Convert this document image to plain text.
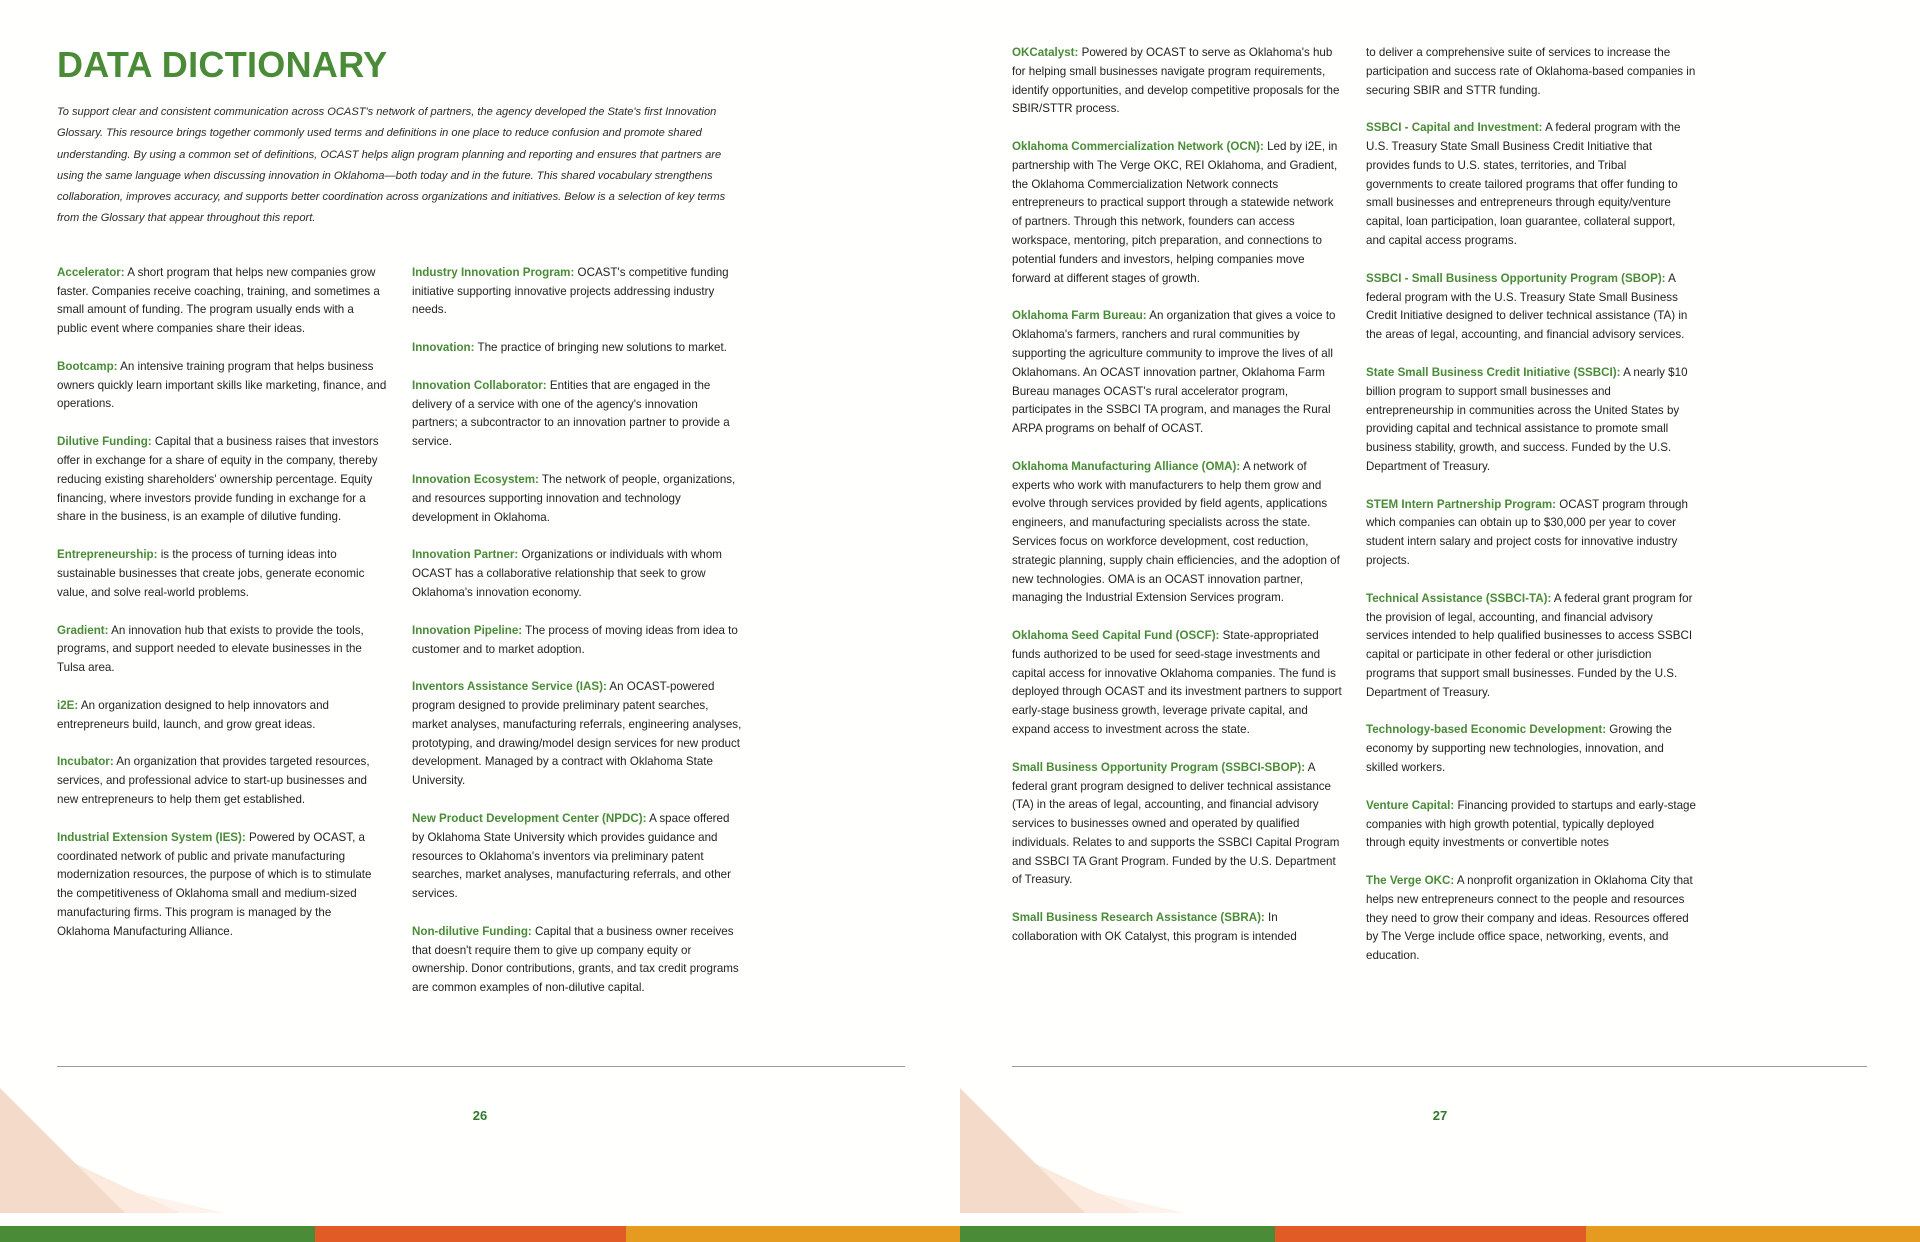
DATA DICTIONARY

To support clear and consistent communication across OCAST's network of partners, the agency developed the State's first Innovation Glossary. This resource brings together commonly used terms and definitions in one place to reduce confusion and promote shared understanding. By using a common set of definitions, OCAST helps align program planning and reporting and ensures that partners are using the same language when discussing innovation in Oklahoma—both today and in the future. This shared vocabulary strengthens collaboration, improves accuracy, and supports better coordination across organizations and initiatives. Below is a selection of key terms from the Glossary that appear throughout this report.

Accelerator: A short program that helps new companies grow faster. Companies receive coaching, training, and sometimes a small amount of funding. The program usually ends with a public event where companies share their ideas.

Bootcamp: An intensive training program that helps business owners quickly learn important skills like marketing, finance, and operations.

Dilutive Funding: Capital that a business raises that investors offer in exchange for a share of equity in the company, thereby reducing existing shareholders' ownership percentage. Equity financing, where investors provide funding in exchange for a share in the business, is an example of dilutive funding.

Entrepreneurship: is the process of turning ideas into sustainable businesses that create jobs, generate economic value, and solve real-world problems.

Gradient: An innovation hub that exists to provide the tools, programs, and support needed to elevate businesses in the Tulsa area.

i2E: An organization designed to help innovators and entrepreneurs build, launch, and grow great ideas.

Incubator: An organization that provides targeted resources, services, and professional advice to start-up businesses and new entrepreneurs to help them get established.

Industrial Extension System (IES): Powered by OCAST, a coordinated network of public and private manufacturing modernization resources, the purpose of which is to stimulate the competitiveness of Oklahoma small and medium-sized manufacturing firms. This program is managed by the Oklahoma Manufacturing Alliance.

Industry Innovation Program: OCAST's competitive funding initiative supporting innovative projects addressing industry needs.

Innovation: The practice of bringing new solutions to market.

Innovation Collaborator: Entities that are engaged in the delivery of a service with one of the agency's innovation partners; a subcontractor to an innovation partner to provide a service.

Innovation Ecosystem: The network of people, organizations, and resources supporting innovation and technology development in Oklahoma.

Innovation Partner: Organizations or individuals with whom OCAST has a collaborative relationship that seek to grow Oklahoma's innovation economy.

Innovation Pipeline: The process of moving ideas from idea to customer and to market adoption.

Inventors Assistance Service (IAS): An OCAST-powered program designed to provide preliminary patent searches, market analyses, manufacturing referrals, engineering analyses, prototyping, and drawing/model design services for new product development. Managed by a contract with Oklahoma State University.

New Product Development Center (NPDC): A space offered by Oklahoma State University which provides guidance and resources to Oklahoma's inventors via preliminary patent searches, market analyses, manufacturing referrals, and other services.

Non-dilutive Funding: Capital that a business owner receives that doesn't require them to give up company equity or ownership. Donor contributions, grants, and tax credit programs are common examples of non-dilutive capital.

26

OKCatalyst: Powered by OCAST to serve as Oklahoma's hub for helping small businesses navigate program requirements, identify opportunities, and develop competitive proposals for the SBIR/STTR process.

Oklahoma Commercialization Network (OCN): Led by i2E, in partnership with The Verge OKC, REI Oklahoma, and Gradient, the Oklahoma Commercialization Network connects entrepreneurs to practical support through a statewide network of partners. Through this network, founders can access workspace, mentoring, pitch preparation, and connections to potential funders and investors, helping companies move forward at different stages of growth.

Oklahoma Farm Bureau: An organization that gives a voice to Oklahoma's farmers, ranchers and rural communities by supporting the agriculture community to improve the lives of all Oklahomans. An OCAST innovation partner, Oklahoma Farm Bureau manages OCAST's rural accelerator program, participates in the SSBCI TA program, and manages the Rural ARPA programs on behalf of OCAST.

Oklahoma Manufacturing Alliance (OMA): A network of experts who work with manufacturers to help them grow and evolve through services provided by field agents, applications engineers, and manufacturing specialists across the state. Services focus on workforce development, cost reduction, strategic planning, supply chain efficiencies, and the adoption of new technologies. OMA is an OCAST innovation partner, managing the Industrial Extension Services program.

Oklahoma Seed Capital Fund (OSCF): State-appropriated funds authorized to be used for seed-stage investments and capital access for innovative Oklahoma companies. The fund is deployed through OCAST and its investment partners to support early-stage business growth, leverage private capital, and expand access to investment across the state.

Small Business Opportunity Program (SSBCI-SBOP): A federal grant program designed to deliver technical assistance (TA) in the areas of legal, accounting, and financial advisory services to businesses owned and operated by qualified individuals. Relates to and supports the SSBCI Capital Program and SSBCI TA Grant Program. Funded by the U.S. Department of Treasury.

Small Business Research Assistance (SBRA): In collaboration with OK Catalyst, this program is intended

to deliver a comprehensive suite of services to increase the participation and success rate of Oklahoma-based companies in securing SBIR and STTR funding.

SSBCI - Capital and Investment: A federal program with the U.S. Treasury State Small Business Credit Initiative that provides funds to U.S. states, territories, and Tribal governments to create tailored programs that offer funding to small businesses and entrepreneurs through equity/venture capital, loan participation, loan guarantee, collateral support, and capital access programs.

SSBCI - Small Business Opportunity Program (SBOP): A federal program with the U.S. Treasury State Small Business Credit Initiative designed to deliver technical assistance (TA) in the areas of legal, accounting, and financial advisory services.

State Small Business Credit Initiative (SSBCI): A nearly $10 billion program to support small businesses and entrepreneurship in communities across the United States by providing capital and technical assistance to promote small business stability, growth, and success. Funded by the U.S. Department of Treasury.

STEM Intern Partnership Program: OCAST program through which companies can obtain up to $30,000 per year to cover student intern salary and project costs for innovative industry projects.

Technical Assistance (SSBCI-TA): A federal grant program for the provision of legal, accounting, and financial advisory services intended to help qualified businesses to access SSBCI capital or participate in other federal or other jurisdiction programs that support small businesses. Funded by the U.S. Department of Treasury.

Technology-based Economic Development: Growing the economy by supporting new technologies, innovation, and skilled workers.

Venture Capital: Financing provided to startups and early-stage companies with high growth potential, typically deployed through equity investments or convertible notes

The Verge OKC: A nonprofit organization in Oklahoma City that helps new entrepreneurs connect to the people and resources they need to grow their company and ideas. Resources offered by The Verge include office space, networking, events, and education.

27
